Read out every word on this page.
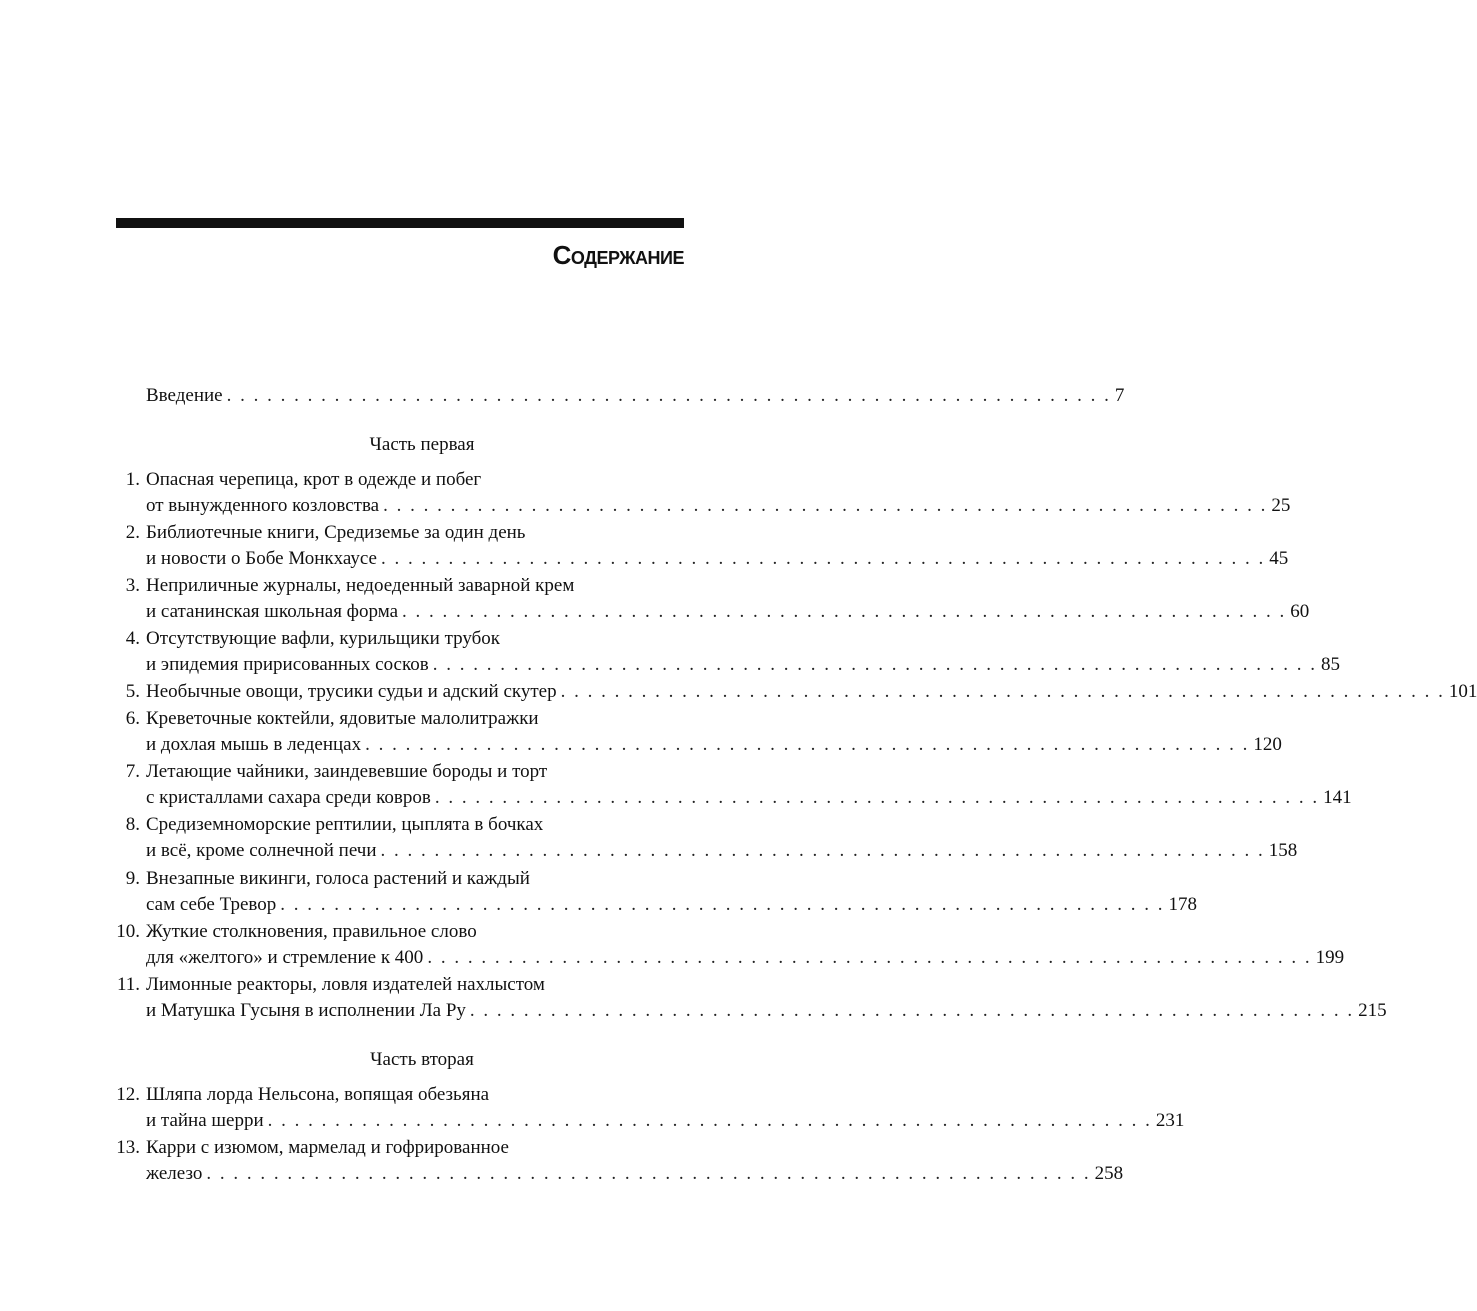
Содержание
Введение . . . . . . . . . . . . . . . . . . . . . . . . . . . . . . . . . . . . . . . . . . . . . . . . . . . . . . . . . . . . . . . . . . 7
Часть первая
1. Опасная черепица, крот в одежде и побег
от вынужденного козловства . . . . . . . . . . . . . . . . . . . . . . . . . . . . . . . . . . . . . . . . . . . . . . . . . . . . . . . . . . . . . . . . . . 25
2. Библиотечные книги, Средиземье за один день
и новости о Бобе Монкхаусе . . . . . . . . . . . . . . . . . . . . . . . . . . . . . . . . . . . . . . . . . . . . . . . . . . . . . . . . . . . . . . . . . . 45
3. Неприличные журналы, недоеденный заварной крем
и сатанинская школьная форма . . . . . . . . . . . . . . . . . . . . . . . . . . . . . . . . . . . . . . . . . . . . . . . . . . . . . . . . . . . . . . . . . . 60
4. Отсутствующие вафли, курильщики трубок
и эпидемия пририсованных сосков . . . . . . . . . . . . . . . . . . . . . . . . . . . . . . . . . . . . . . . . . . . . . . . . . . . . . . . . . . . . . . . . . . 85
5. Необычные овощи, трусики судьи и адский скутер . . . . . . . . . . . . . . . . . . . . . . . . . . . . . . . . . . . . . . . . . . . . . . . . . . . . . . . . . . . . . . . . . . 101
6. Креветочные коктейли, ядовитые малолитражки
и дохлая мышь в леденцах . . . . . . . . . . . . . . . . . . . . . . . . . . . . . . . . . . . . . . . . . . . . . . . . . . . . . . . . . . . . . . . . . . 120
7. Летающие чайники, заиндевевшие бороды и торт
с кристаллами сахара среди ковров . . . . . . . . . . . . . . . . . . . . . . . . . . . . . . . . . . . . . . . . . . . . . . . . . . . . . . . . . . . . . . . . . . 141
8. Средиземноморские рептилии, цыплята в бочках
и всё, кроме солнечной печи . . . . . . . . . . . . . . . . . . . . . . . . . . . . . . . . . . . . . . . . . . . . . . . . . . . . . . . . . . . . . . . . . . 158
9. Внезапные викинги, голоса растений и каждый
сам себе Тревор . . . . . . . . . . . . . . . . . . . . . . . . . . . . . . . . . . . . . . . . . . . . . . . . . . . . . . . . . . . . . . . . . . 178
10. Жуткие столкновения, правильное слово
для «желтого» и стремление к 400 . . . . . . . . . . . . . . . . . . . . . . . . . . . . . . . . . . . . . . . . . . . . . . . . . . . . . . . . . . . . . . . . . . 199
11. Лимонные реакторы, ловля издателей нахлыстом
и Матушка Гусыня в исполнении Ла Ру . . . . . . . . . . . . . . . . . . . . . . . . . . . . . . . . . . . . . . . . . . . . . . . . . . . . . . . . . . . . . . . . . . 215
Часть вторая
12. Шляпа лорда Нельсона, вопящая обезьяна
и тайна шерри . . . . . . . . . . . . . . . . . . . . . . . . . . . . . . . . . . . . . . . . . . . . . . . . . . . . . . . . . . . . . . . . . . 231
13. Карри с изюмом, мармелад и гофрированное
железо . . . . . . . . . . . . . . . . . . . . . . . . . . . . . . . . . . . . . . . . . . . . . . . . . . . . . . . . . . . . . . . . . . 258
